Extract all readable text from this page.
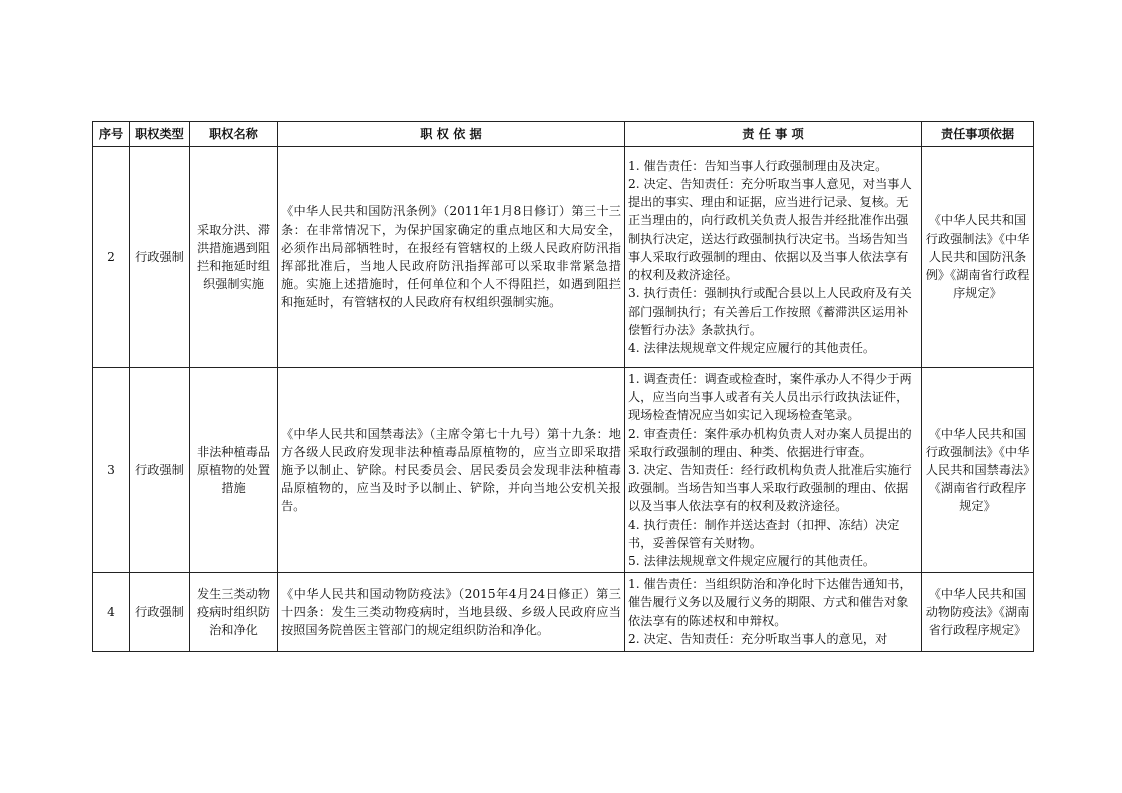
序号	职权类型	职权名称	职 权 依 据	责 任 事 项	责任事项依据
2	行政强制	采取分洪、滞洪措施遇到阻拦和拖延时组织强制实施	《中华人民共和国防汛条例》（2011年1月8日修订）第三十三条：在非常情况下，为保护国家确定的重点地区和大局安全，必须作出局部牺牲时，在报经有管辖权的上级人民政府防汛指挥部批准后，当地人民政府防汛指挥部可以采取非常紧急措施。实施上述措施时，任何单位和个人不得阻拦，如遇到阻拦和拖延时，有管辖权的人民政府有权组织强制实施。	1. 催告责任：告知当事人行政强制理由及决定。
2. 决定、告知责任：充分听取当事人意见，对当事人提出的事实、理由和证据，应当进行记录、复核。无正当理由的，向行政机关负责人报告并经批准作出强制执行决定，送达行政强制执行决定书。当场告知当事人采取行政强制的理由、依据以及当事人依法享有的权利及救济途径。
3. 执行责任：强制执行或配合县以上人民政府及有关部门强制执行；有关善后工作按照《蓄滞洪区运用补偿暂行办法》条款执行。
4. 法律法规规章文件规定应履行的其他责任。	《中华人民共和国行政强制法》《中华人民共和国防汛条例》《湖南省行政程序规定》
3	行政强制	非法种植毒品原植物的处置措施	《中华人民共和国禁毒法》（主席令第七十九号）第十九条：地方各级人民政府发现非法种植毒品原植物的，应当立即采取措施予以制止、铲除。村民委员会、居民委员会发现非法种植毒品原植物的，应当及时予以制止、铲除，并向当地公安机关报告。	1. 调查责任：调查或检查时，案件承办人不得少于两人，应当向当事人或者有关人员出示行政执法证件，现场检查情况应当如实记入现场检查笔录。
2. 审查责任：案件承办机构负责人对办案人员提出的采取行政强制的理由、种类、依据进行审查。
3. 决定、告知责任：经行政机构负责人批准后实施行政强制。当场告知当事人采取行政强制的理由、依据以及当事人依法享有的权利及救济途径。
4. 执行责任：制作并送达查封（扣押、冻结）决定书，妥善保管有关财物。
5. 法律法规规章文件规定应履行的其他责任。	《中华人民共和国行政强制法》《中华人民共和国禁毒法》《湖南省行政程序规定》
4	行政强制	发生三类动物疫病时组织防治和净化	《中华人民共和国动物防疫法》（2015年4月24日修正）第三十四条：发生三类动物疫病时，当地县级、乡级人民政府应当按照国务院兽医主管部门的规定组织防治和净化。	1. 催告责任：当组织防治和净化时下达催告通知书，催告履行义务以及履行义务的期限、方式和催告对象依法享有的陈述权和申辩权。
2. 决定、告知责任：充分听取当事人的意见，对	《中华人民共和国动物防疫法》《湖南省行政程序规定》
